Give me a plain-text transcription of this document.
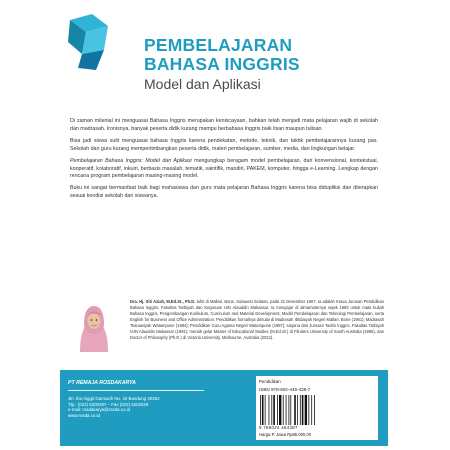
PEMBELAJARAN
BAHASA INGGRIS
Model dan Aplikasi

Di zaman milenial ini menguasai Bahasa Inggris merupakan keniscayaan, bahkan telah menjadi mata pelajaran wajib di sekolah dan madrasah. Ironisnya, banyak peserta didik kurang mampu berbahasa Inggris baik lisan maupun tulisan.

Bisa jadi siswa sulit menguasai bahasa Inggris karena pendekatan, metode, teknik, dan taktik pembelajarannya kurang pas. Sekolah dan guru kurang mempertimbangkan peserta didik, materi pembelajaran, sumber, media, dan lingkungan belajar.

Pembelajaran Bahasa Inggris: Model dan Aplikasi mengungkap beragam model pembelajaran, dari konvensional, kontekstual, kooperatif, kolaboratif, inkuiri, berbasis masalah, tematik, saintifik, mandiri, PAKEM, komputer, hingga e-Learning. Lengkap dengan rencana program pembelajaran masing-masing model.

Buku ini sangat bermanfaat baik bagi mahasiswa dan guru mata pelajaran Bahasa Inggris karena bisa didupliksi dan diterapkan sesuai kondisi sekolah dan siswanya.

Dra. Hj. Siti Aziah, M.Ed.St., Ph.D. lahir di Mallari, Bone, Sulawesi Selatan, pada 31 Desember 1967. Ia adalah Ketua Jurusan Pendidikan Bahasa Inggris, Fakultas Tarbiyah dan Keguruan UIN Alauddin Makassar. Ia mengajar di almamaternya sejak 1993 untuk mata kuliah Bahasa Inggris, Pengembangan Kurikulum, Curriculum and Material Development, Model Pembelajaran dan Teknologi Pembelajaran, serta English for Business and Office Administration. Pendidikan formalnya dimulai di Madrasah Ibtidaiyah Negeri Mallari, Bone (1981); Madrasah Tsanawiyah Watampone (1984); Pendidikan Guru Agama Negeri Watampone (1987); sarjana dari Jurusan Tadris Inggris, Fakultas Tarbiyah IAIN Alauddin Makassar (1991); meraih gelar Master of Educational Studies (M.Ed.St.) di Flinders University of South Australia (1996), dan Doctor of Philosophy (Ph.D.) di Victoria University, Melbourne, Australia (2012).
PT REMAJA ROSDAKARYA
Jln. Ibu Inggit Garnasih No. 40 Bandung 40252
Tlp.: (022) 5200287 – Fax (022) 5202529
e-mail: rosdakarya@rosda.co.id
www.rosda.co.id
Pendidikan
ISBN 978-602-446-438-7
9 786024 464387
Harga P. Jawa Rp85.000,00
